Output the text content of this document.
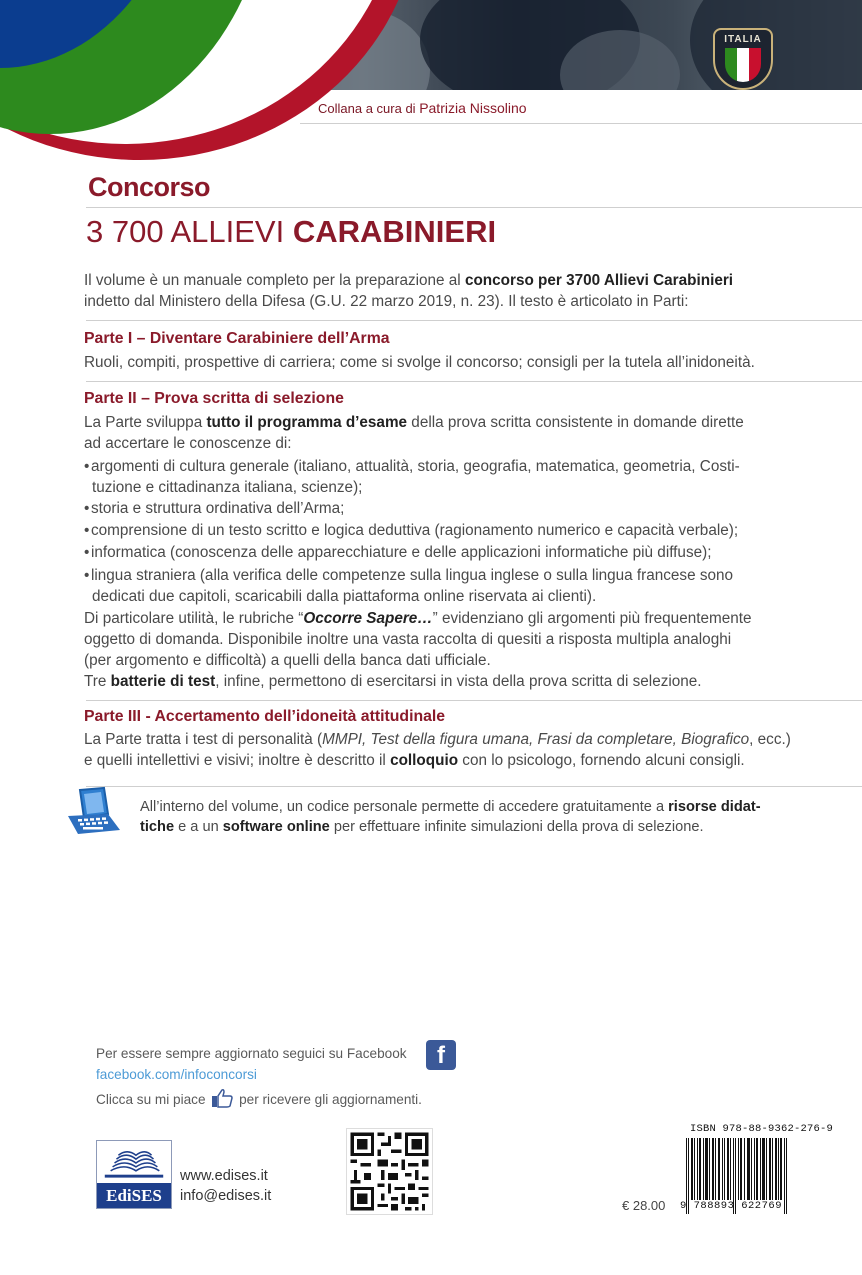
ITALIA
Collana a cura di Patrizia Nissolino
Concorso
3 700 ALLIEVI CARABINIERI
Il volume è un manuale completo per la preparazione al concorso per 3700 Allievi Carabinieri
indetto dal Ministero della Difesa (G.U. 22 marzo 2019, n. 23). Il testo è articolato in Parti:
Parte I – Diventare Carabiniere dell’Arma
Ruoli, compiti, prospettive di carriera; come si svolge il concorso; consigli per la tutela all’inidoneità.
Parte II – Prova scritta di selezione
La Parte sviluppa tutto il programma d’esame della prova scritta consistente in domande dirette
ad accertare le conoscenze di:
• argomenti di cultura generale (italiano, attualità, storia, geografia, matematica, geometria, Costi-
tuzione e cittadinanza italiana, scienze);
• storia e struttura ordinativa dell’Arma;
• comprensione di un testo scritto e logica deduttiva (ragionamento numerico e capacità verbale);
• informatica (conoscenza delle apparecchiature e delle applicazioni informatiche più diffuse);
• lingua straniera (alla verifica delle competenze sulla lingua inglese o sulla lingua francese sono
dedicati due capitoli, scaricabili dalla piattaforma online riservata ai clienti).
Di particolare utilità, le rubriche “Occorre Sapere…” evidenziano gli argomenti più frequentemente
oggetto di domanda. Disponibile inoltre una vasta raccolta di quesiti a risposta multipla analoghi
(per argomento e difficoltà) a quelli della banca dati ufficiale.
Tre batterie di test, infine, permettono di esercitarsi in vista della prova scritta di selezione.
Parte III - Accertamento dell’idoneità attitudinale
La Parte tratta i test di personalità (MMPI, Test della figura umana, Frasi da completare, Biografico, ecc.)
e quelli intellettivi e visivi; inoltre è descritto il colloquio con lo psicologo, fornendo alcuni consigli.
All’interno del volume, un codice personale permette di accedere gratuitamente a risorse didat-
tiche e a un software online per effettuare infinite simulazioni della prova di selezione.
Per essere sempre aggiornato seguici su Facebook	f
facebook.com/infoconcorsi
Clicca su mi piace per ricevere gli aggiornamenti.
EdiSES
www.edises.it
info@edises.it
ISBN 978-88-9362-276-9
€ 28.00 9 788893 622769
